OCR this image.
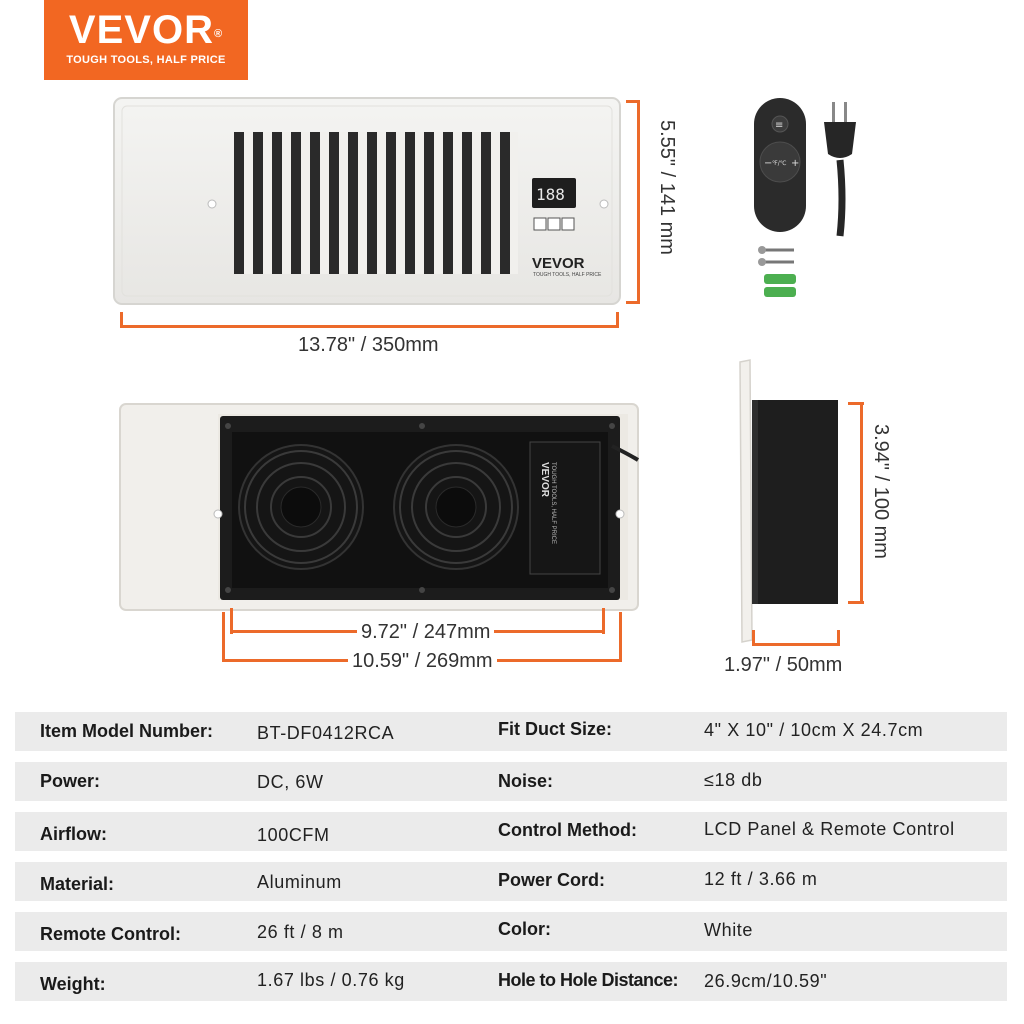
VEVOR®
TOUGH TOOLS, HALF PRICE
188
VEVOR
TOUGH TOOLS, HALF PRICE
5.55" / 141 mm
13.78" / 350mm
≡
− ℉/℃ +
VEVOR TOUGH TOOLS, HALF PRICE
9.72" / 247mm
10.59" / 269mm
3.94" / 100 mm
1.97" / 50mm
Item Model Number: BT-DF0412RCA	Fit Duct Size:	4" X 10" / 10cm X 24.7cm
Power:	DC, 6W	Noise:	≤18 db
Airflow:	100CFM	Control Method:	LCD Panel & Remote Control
Material:	Aluminum	Power Cord:	12 ft / 3.66 m
Remote Control:	26 ft / 8 m	Color:	White
Weight:	1.67 lbs / 0.76 kg	Hole to Hole Distance: 26.9cm/10.59"
